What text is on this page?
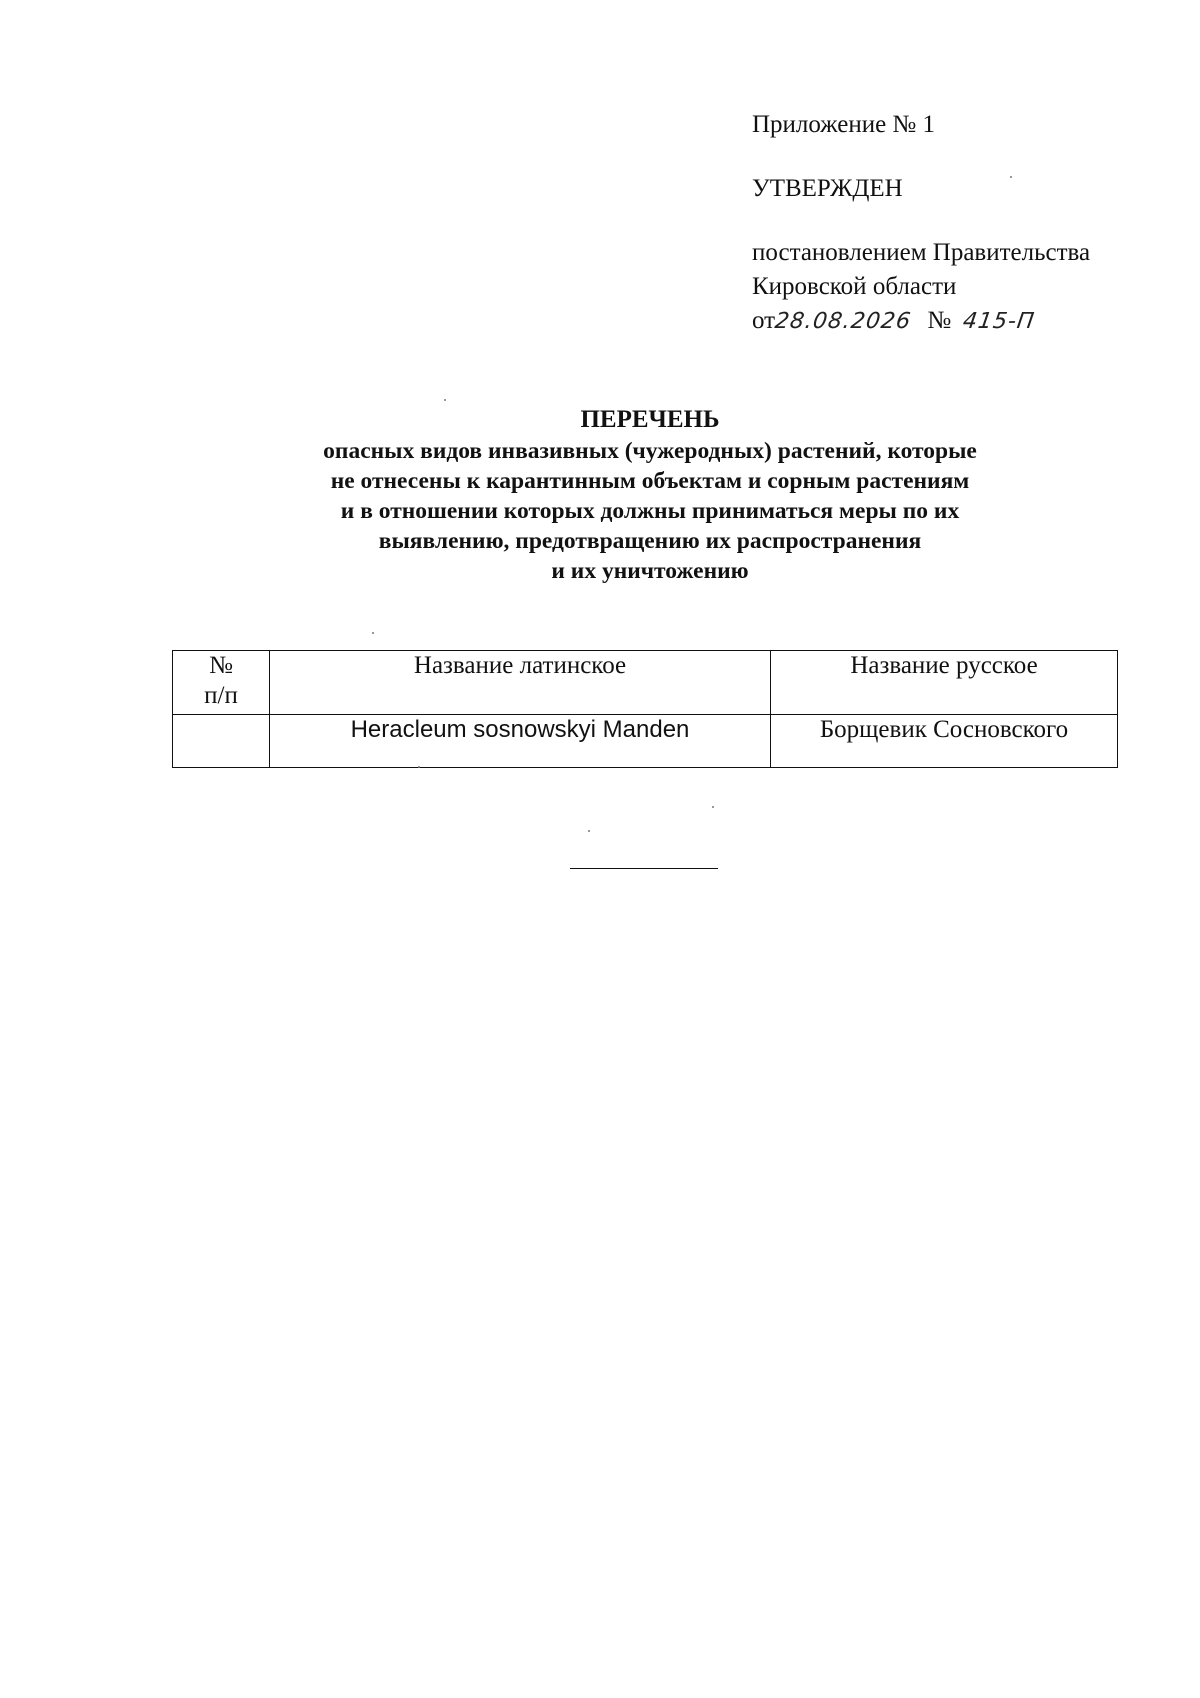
Приложение № 1
УТВЕРЖДЕН
постановлением Правительства
Кировской области
от28.08.2026 № 415-П
ПЕРЕЧЕНЬ
опасных видов инвазивных (чужеродных) растений, которые
не отнесены к карантинным объектам и сорным растениям
и в отношении которых должны приниматься меры по их
выявлению, предотвращению их распространения
и их уничтожению
№
п/п	Название латинское	Название русское
	Heracleum sosnowskyi Manden	Борщевик Сосновского
